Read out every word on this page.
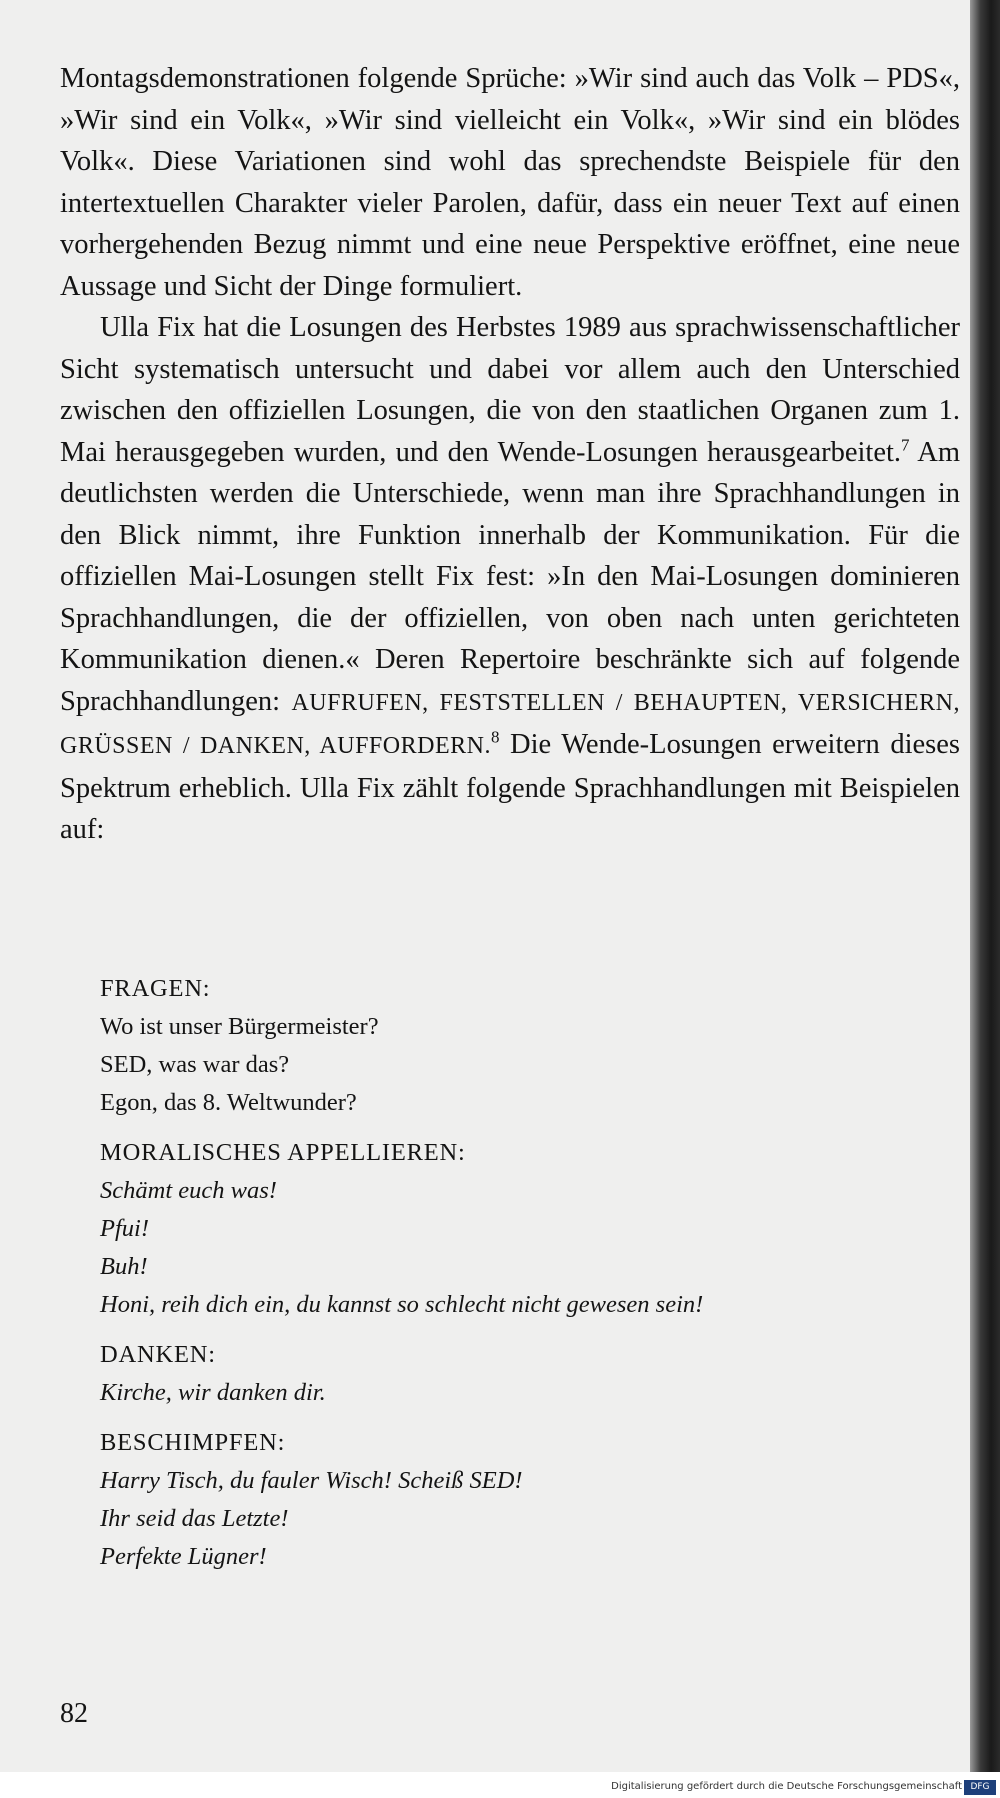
Montagsdemonstrationen folgende Sprüche: »Wir sind auch das Volk – PDS«, »Wir sind ein Volk«, »Wir sind vielleicht ein Volk«, »Wir sind ein blödes Volk«. Diese Variationen sind wohl das sprechendste Beispiele für den intertextuellen Charakter vieler Parolen, dafür, dass ein neuer Text auf einen vorhergehenden Bezug nimmt und eine neue Perspektive eröffnet, eine neue Aussage und Sicht der Dinge formuliert.

Ulla Fix hat die Losungen des Herbstes 1989 aus sprachwissenschaftlicher Sicht systematisch untersucht und dabei vor allem auch den Unterschied zwischen den offiziellen Losungen, die von den staatlichen Organen zum 1. Mai herausgegeben wurden, und den Wende-Losungen herausgearbeitet.$^7$ Am deutlichsten werden die Unterschiede, wenn man ihre Sprachhandlungen in den Blick nimmt, ihre Funktion innerhalb der Kommunikation. Für die offiziellen Mai-Losungen stellt Fix fest: »In den Mai-Losungen dominieren Sprachhandlungen, die der offiziellen, von oben nach unten gerichteten Kommunikation dienen.« Deren Repertoire beschränkte sich auf folgende Sprachhandlungen: AUFRUFEN, FESTSTELLEN / BEHAUPTEN, VERSICHERN, GRÜSSEN / DANKEN, AUFFORDERN.$^8$ Die Wende-Losungen erweitern dieses Spektrum erheblich. Ulla Fix zählt folgende Sprachhandlungen mit Beispielen auf:

FRAGEN:

Wo ist unser Bürgermeister?

SED, was war das?

Egon, das 8. Weltwunder?

MORALISCHES APPELLIEREN:

Schämt euch was!

Pfui!

Buh!

Honi, reih dich ein, du kannst so schlecht nicht gewesen sein!

DANKEN:

Kirche, wir danken dir.

BESCHIMPFEN:

Harry Tisch, du fauler Wisch! Scheiß SED!

Ihr seid das Letzte!

Perfekte Lügner!

82
Digitalisierung gefördert durch die Deutsche Forschungsgemeinschaft DFG
